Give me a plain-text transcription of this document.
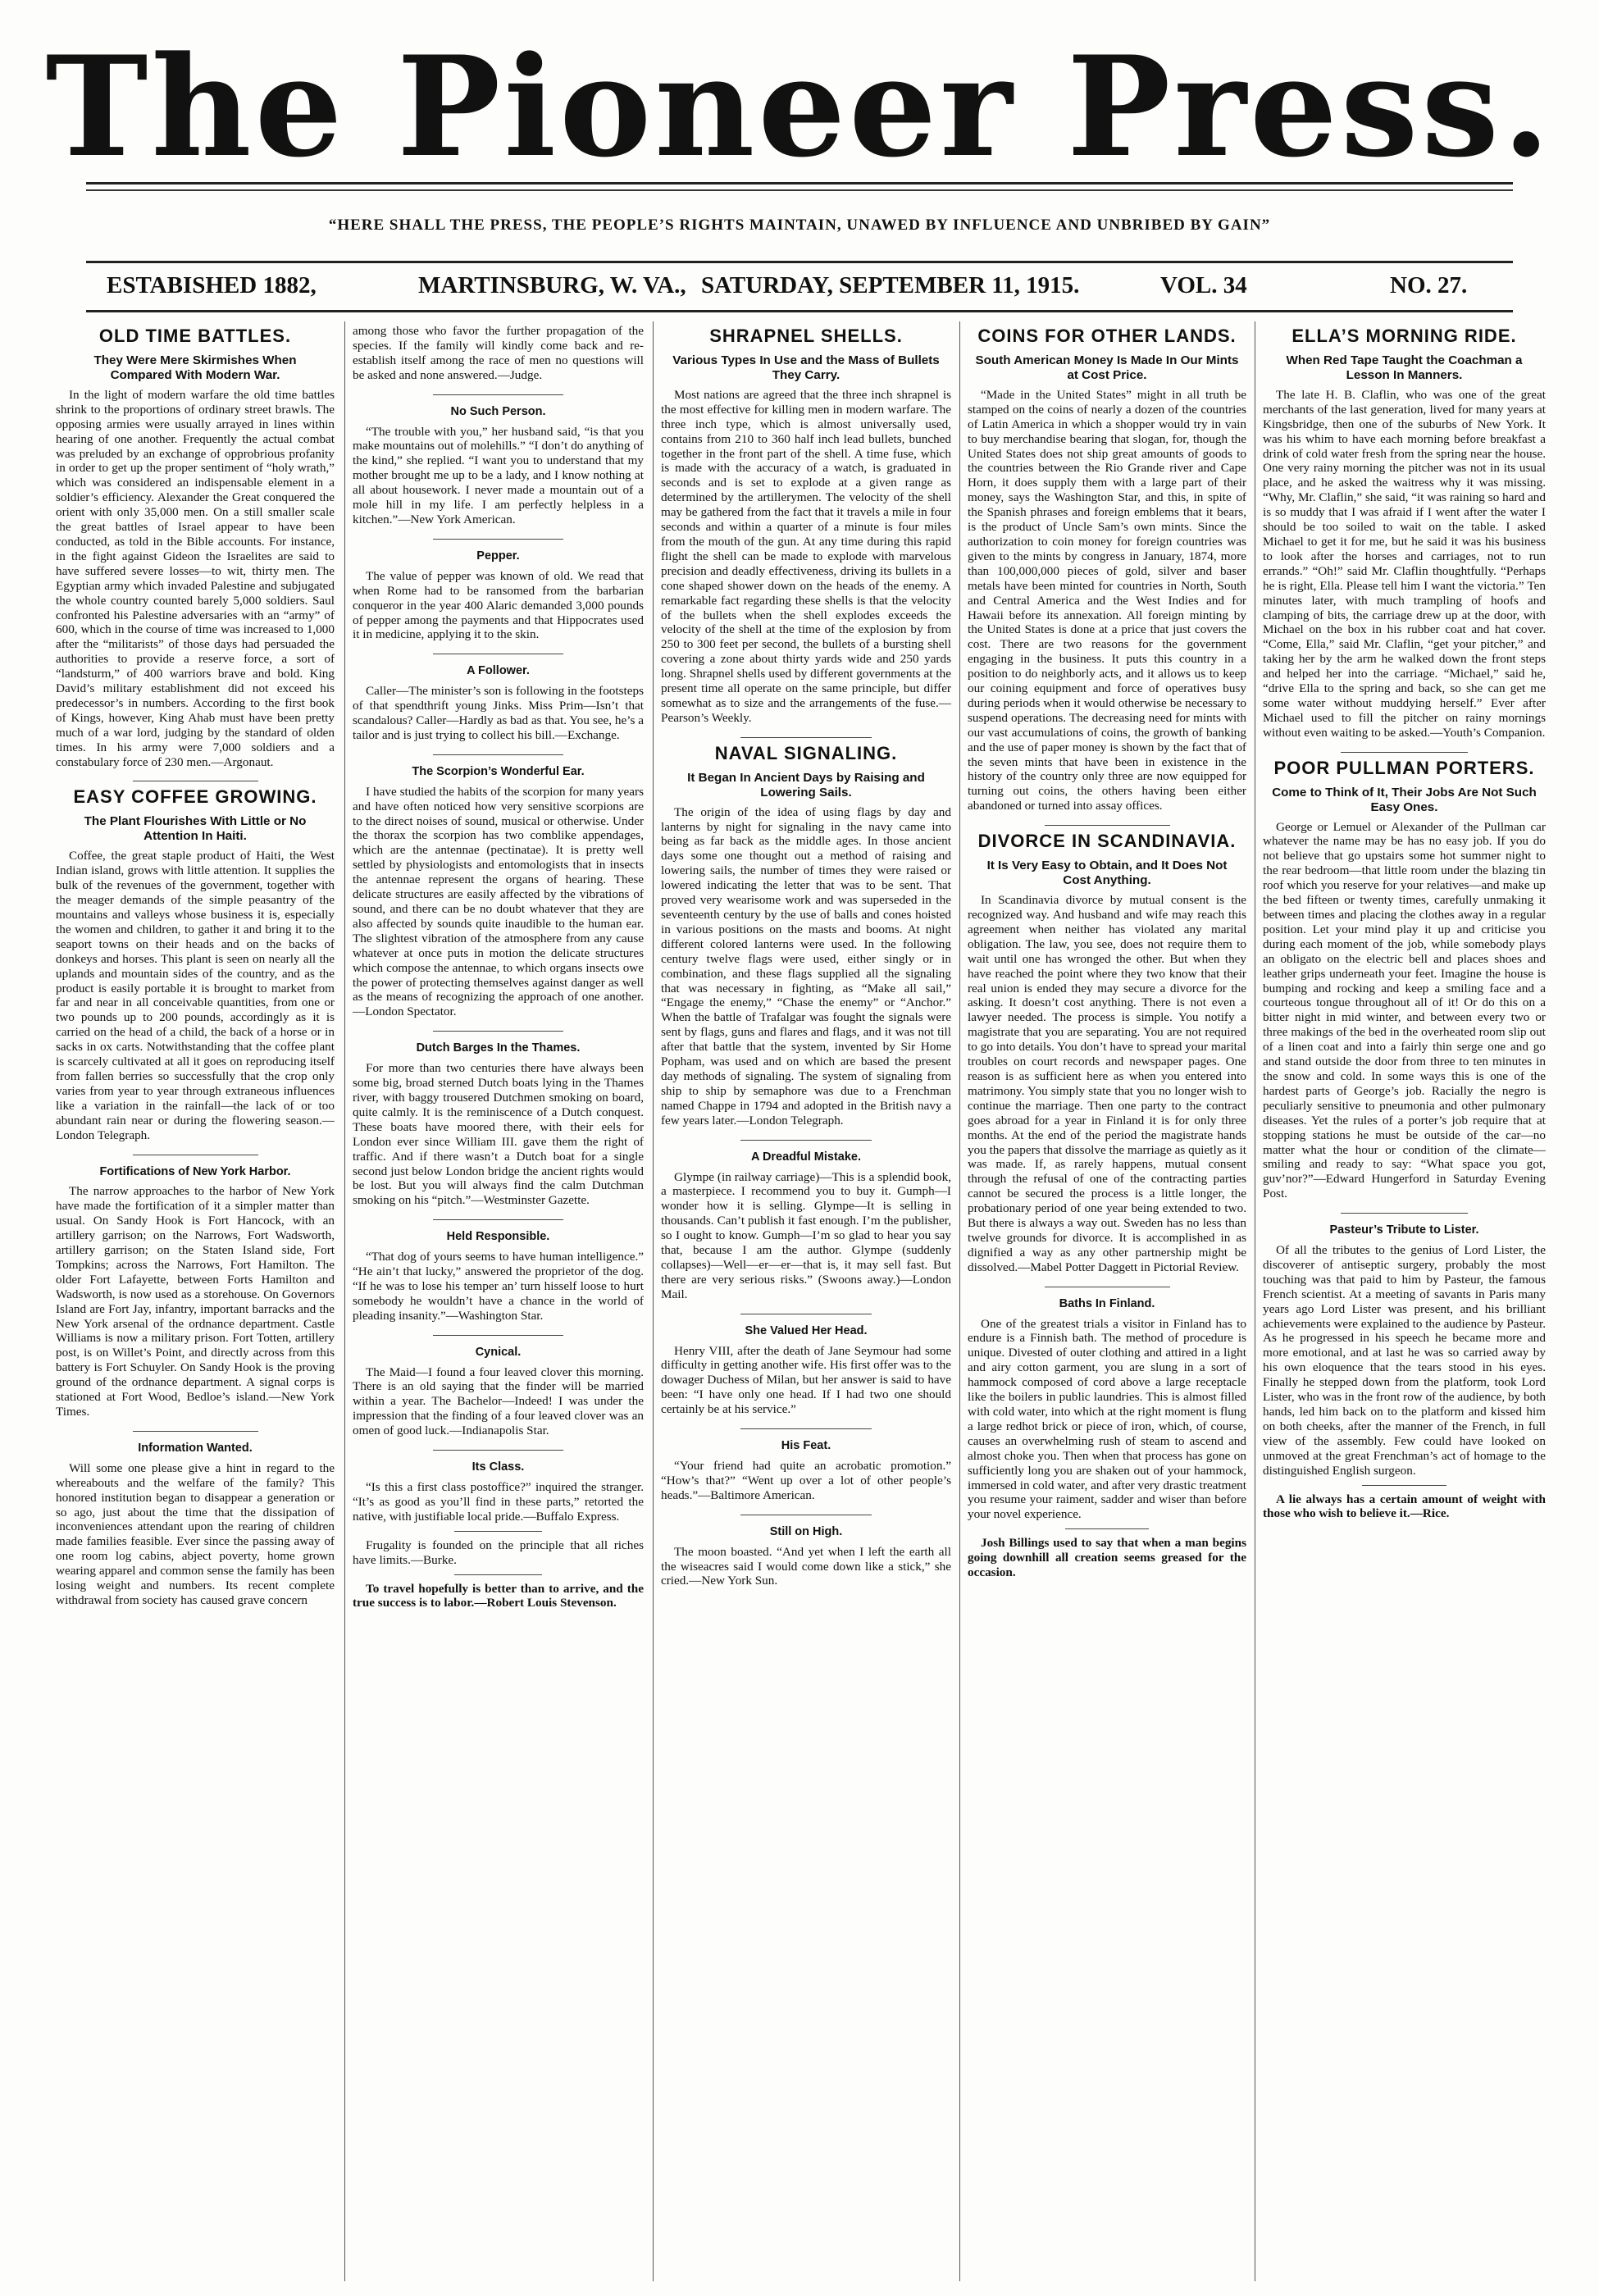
The Pioneer Press.
“HERE SHALL THE PRESS, THE PEOPLE’S RIGHTS MAINTAIN, UNAWED BY INFLUENCE AND UNBRIBED BY GAIN”
ESTABISHED 1882,	MARTINSBURG, W. VA., SATURDAY, SEPTEMBER 11, 1915.	VOL. 34	NO. 27.
OLD TIME BATTLES.
They Were Mere Skirmishes When Compared With Modern War.

In the light of modern warfare the old time battles shrink to the proportions of ordinary street brawls. The opposing armies were usually arrayed in lines within hearing of one another. Frequently the actual combat was preluded by an exchange of opprobrious profanity in order to get up the proper sentiment of “holy wrath,” which was considered an indispensable element in a soldier’s efficiency. Alexander the Great conquered the orient with only 35,000 men. On a still smaller scale the great battles of Israel appear to have been conducted, as told in the Bible accounts. For instance, in the fight against Gideon the Israelites are said to have suffered severe losses—to wit, thirty men. The Egyptian army which invaded Palestine and subjugated the whole country counted barely 5,000 soldiers. Saul confronted his Palestine adversaries with an “army” of 600, which in the course of time was increased to 1,000 after the “militarists” of those days had persuaded the authorities to provide a reserve force, a sort of “landsturm,” of 400 warriors brave and bold. King David’s military establishment did not exceed his predecessor’s in numbers. According to the first book of Kings, however, King Ahab must have been pretty much of a war lord, judging by the standard of olden times. In his army were 7,000 soldiers and a constabulary force of 230 men.—Argonaut.

EASY COFFEE GROWING.
The Plant Flourishes With Little or No Attention In Haiti.

Coffee, the great staple product of Haiti, the West Indian island, grows with little attention. It supplies the bulk of the revenues of the government, together with the meager demands of the simple peasantry of the mountains and valleys whose business it is, especially the women and children, to gather it and bring it to the seaport towns on their heads and on the backs of donkeys and horses. This plant is seen on nearly all the uplands and mountain sides of the country, and as the product is easily portable it is brought to market from far and near in all conceivable quantities, from one or two pounds up to 200 pounds, accordingly as it is carried on the head of a child, the back of a horse or in sacks in ox carts. Notwithstanding that the coffee plant is scarcely cultivated at all it goes on reproducing itself from fallen berries so successfully that the crop only varies from year to year through extraneous influences like a variation in the rainfall—the lack of or too abundant rain near or during the flowering season.—London Telegraph.

Fortifications of New York Harbor.

The narrow approaches to the harbor of New York have made the fortification of it a simpler matter than usual. On Sandy Hook is Fort Hancock, with an artillery garrison; on the Narrows, Fort Wadsworth, artillery garrison; on the Staten Island side, Fort Tompkins; across the Narrows, Fort Hamilton. The older Fort Lafayette, between Forts Hamilton and Wadsworth, is now used as a storehouse. On Governors Island are Fort Jay, infantry, important barracks and the New York arsenal of the ordnance department. Castle Williams is now a military prison. Fort Totten, artillery post, is on Willet’s Point, and directly across from this battery is Fort Schuyler. On Sandy Hook is the proving ground of the ordnance department. A signal corps is stationed at Fort Wood, Bedloe’s island.—New York Times.

Information Wanted.

Will some one please give a hint in regard to the whereabouts and the welfare of the family? This honored institution began to disappear a generation or so ago, just about the time that the dissipation of inconveniences attendant upon the rearing of children made families feasible. Ever since the passing away of one room log cabins, abject poverty, home grown wearing apparel and common sense the family has been losing weight and numbers. Its recent complete withdrawal from society has caused grave concern

among those who favor the further propagation of the species. If the family will kindly come back and re-establish itself among the race of men no questions will be asked and none answered.—Judge.

No Such Person.

“The trouble with you,” her husband said, “is that you make mountains out of molehills.” “I don’t do anything of the kind,” she replied. “I want you to understand that my mother brought me up to be a lady, and I know nothing at all about housework. I never made a mountain out of a mole hill in my life. I am perfectly helpless in a kitchen.”—New York American.

Pepper.

The value of pepper was known of old. We read that when Rome had to be ransomed from the barbarian conqueror in the year 400 Alaric demanded 3,000 pounds of pepper among the payments and that Hippocrates used it in medicine, applying it to the skin.

A Follower.

Caller—The minister’s son is following in the footsteps of that spendthrift young Jinks. Miss Prim—Isn’t that scandalous? Caller—Hardly as bad as that. You see, he’s a tailor and is just trying to collect his bill.—Exchange.

The Scorpion’s Wonderful Ear.

I have studied the habits of the scorpion for many years and have often noticed how very sensitive scorpions are to the direct noises of sound, musical or otherwise. Under the thorax the scorpion has two comblike appendages, which are the antennae (pectinatae). It is pretty well settled by physiologists and entomologists that in insects the antennae represent the organs of hearing. These delicate structures are easily affected by the vibrations of sound, and there can be no doubt whatever that they are also affected by sounds quite inaudible to the human ear. The slightest vibration of the atmosphere from any cause whatever at once puts in motion the delicate structures which compose the antennae, to which organs insects owe the power of protecting themselves against danger as well as the means of recognizing the approach of one another.—London Spectator.

Dutch Barges In the Thames.

For more than two centuries there have always been some big, broad sterned Dutch boats lying in the Thames river, with baggy trousered Dutchmen smoking on board, quite calmly. It is the reminiscence of a Dutch conquest. These boats have moored there, with their eels for London ever since William III. gave them the right of traffic. And if there wasn’t a Dutch boat for a single second just below London bridge the ancient rights would be lost. But you will always find the calm Dutchman smoking on his “pitch.”—Westminster Gazette.

Held Responsible.

“That dog of yours seems to have human intelligence.” “He ain’t that lucky,” answered the proprietor of the dog. “If he was to lose his temper an’ turn hisself loose to hurt somebody he wouldn’t have a chance in the world of pleading insanity.”—Washington Star.

Cynical.

The Maid—I found a four leaved clover this morning. There is an old saying that the finder will be married within a year. The Bachelor—Indeed! I was under the impression that the finding of a four leaved clover was an omen of good luck.—Indianapolis Star.

Its Class.

“Is this a first class postoffice?” inquired the stranger. “It’s as good as you’ll find in these parts,” retorted the native, with justifiable local pride.—Buffalo Express.

Frugality is founded on the principle that all riches have limits.—Burke.

To travel hopefully is better than to arrive, and the true success is to labor.—Robert Louis Stevenson.

SHRAPNEL SHELLS.
Various Types In Use and the Mass of Bullets They Carry.

Most nations are agreed that the three inch shrapnel is the most effective for killing men in modern warfare. The three inch type, which is almost universally used, contains from 210 to 360 half inch lead bullets, bunched together in the front part of the shell. A time fuse, which is made with the accuracy of a watch, is graduated in seconds and is set to explode at a given range as determined by the artillerymen. The velocity of the shell may be gathered from the fact that it travels a mile in four seconds and within a quarter of a minute is four miles from the mouth of the gun. At any time during this rapid flight the shell can be made to explode with marvelous precision and deadly effectiveness, driving its bullets in a cone shaped shower down on the heads of the enemy. A remarkable fact regarding these shells is that the velocity of the bullets when the shell explodes exceeds the velocity of the shell at the time of the explosion by from 250 to 300 feet per second, the bullets of a bursting shell covering a zone about thirty yards wide and 250 yards long. Shrapnel shells used by different governments at the present time all operate on the same principle, but differ somewhat as to size and the arrangements of the fuse.—Pearson’s Weekly.

NAVAL SIGNALING.
It Began In Ancient Days by Raising and Lowering Sails.

The origin of the idea of using flags by day and lanterns by night for signaling in the navy came into being as far back as the middle ages. In those ancient days some one thought out a method of raising and lowering sails, the number of times they were raised or lowered indicating the letter that was to be sent. That proved very wearisome work and was superseded in the seventeenth century by the use of balls and cones hoisted in various positions on the masts and booms. At night different colored lanterns were used. In the following century twelve flags were used, either singly or in combination, and these flags supplied all the signaling that was necessary in fighting, as “Make all sail,” “Engage the enemy,” “Chase the enemy” or “Anchor.” When the battle of Trafalgar was fought the signals were sent by flags, guns and flares and flags, and it was not till after that battle that the system, invented by Sir Home Popham, was used and on which are based the present day methods of signaling. The system of signaling from ship to ship by semaphore was due to a Frenchman named Chappe in 1794 and adopted in the British navy a few years later.—London Telegraph.

A Dreadful Mistake.

Glympe (in railway carriage)—This is a splendid book, a masterpiece. I recommend you to buy it. Gumph—I wonder how it is selling. Glympe—It is selling in thousands. Can’t publish it fast enough. I’m the publisher, so I ought to know. Gumph—I’m so glad to hear you say that, because I am the author. Glympe (suddenly collapses)—Well—er—er—that is, it may sell fast. But there are very serious risks.” (Swoons away.)—London Mail.

She Valued Her Head.

Henry VIII, after the death of Jane Seymour had some difficulty in getting another wife. His first offer was to the dowager Duchess of Milan, but her answer is said to have been: “I have only one head. If I had two one should certainly be at his service.”

His Feat.

“Your friend had quite an acrobatic promotion.” “How’s that?” “Went up over a lot of other people’s heads.”—Baltimore American.

Still on High.

The moon boasted. “And yet when I left the earth all the wiseacres said I would come down like a stick,” she cried.—New York Sun.

COINS FOR OTHER LANDS.
South American Money Is Made In Our Mints at Cost Price.

“Made in the United States” might in all truth be stamped on the coins of nearly a dozen of the countries of Latin America in which a shopper would try in vain to buy merchandise bearing that slogan, for, though the United States does not ship great amounts of goods to the countries between the Rio Grande river and Cape Horn, it does supply them with a large part of their money, says the Washington Star, and this, in spite of the Spanish phrases and foreign emblems that it bears, is the product of Uncle Sam’s own mints. Since the authorization to coin money for foreign countries was given to the mints by congress in January, 1874, more than 100,000,000 pieces of gold, silver and baser metals have been minted for countries in North, South and Central America and the West Indies and for Hawaii before its annexation. All foreign minting by the United States is done at a price that just covers the cost. There are two reasons for the government engaging in the business. It puts this country in a position to do neighborly acts, and it allows us to keep our coining equipment and force of operatives busy during periods when it would otherwise be necessary to suspend operations. The decreasing need for mints with our vast accumulations of coins, the growth of banking and the use of paper money is shown by the fact that of the seven mints that have been in existence in the history of the country only three are now equipped for turning out coins, the others having been either abandoned or turned into assay offices.

DIVORCE IN SCANDINAVIA.
It Is Very Easy to Obtain, and It Does Not Cost Anything.

In Scandinavia divorce by mutual consent is the recognized way. And husband and wife may reach this agreement when neither has violated any marital obligation. The law, you see, does not require them to wait until one has wronged the other. But when they have reached the point where they two know that their real union is ended they may secure a divorce for the asking. It doesn’t cost anything. There is not even a lawyer needed. The process is simple. You notify a magistrate that you are separating. You are not required to go into details. You don’t have to spread your marital troubles on court records and newspaper pages. One reason is as sufficient here as when you entered into matrimony. You simply state that you no longer wish to continue the marriage. Then one party to the contract goes abroad for a year in Finland it is for only three months. At the end of the period the magistrate hands you the papers that dissolve the marriage as quietly as it was made. If, as rarely happens, mutual consent through the refusal of one of the contracting parties cannot be secured the process is a little longer, the probationary period of one year being extended to two. But there is always a way out. Sweden has no less than twelve grounds for divorce. It is accomplished in as dignified a way as any other partnership might be dissolved.—Mabel Potter Daggett in Pictorial Review.

Baths In Finland.

One of the greatest trials a visitor in Finland has to endure is a Finnish bath. The method of procedure is unique. Divested of outer clothing and attired in a light and airy cotton garment, you are slung in a sort of hammock composed of cord above a large receptacle like the boilers in public laundries. This is almost filled with cold water, into which at the right moment is flung a large redhot brick or piece of iron, which, of course, causes an overwhelming rush of steam to ascend and almost choke you. Then when that process has gone on sufficiently long you are shaken out of your hammock, immersed in cold water, and after very drastic treatment you resume your raiment, sadder and wiser than before your novel experience.

Josh Billings used to say that when a man begins going downhill all creation seems greased for the occasion.

ELLA’S MORNING RIDE.
When Red Tape Taught the Coachman a Lesson In Manners.

The late H. B. Claflin, who was one of the great merchants of the last generation, lived for many years at Kingsbridge, then one of the suburbs of New York. It was his whim to have each morning before breakfast a drink of cold water fresh from the spring near the house. One very rainy morning the pitcher was not in its usual place, and he asked the waitress why it was missing. “Why, Mr. Claflin,” she said, “it was raining so hard and is so muddy that I was afraid if I went after the water I should be too soiled to wait on the table. I asked Michael to get it for me, but he said it was his business to look after the horses and carriages, not to run errands.” “Oh!” said Mr. Claflin thoughtfully. “Perhaps he is right, Ella. Please tell him I want the victoria.” Ten minutes later, with much trampling of hoofs and clamping of bits, the carriage drew up at the door, with Michael on the box in his rubber coat and hat cover. “Come, Ella,” said Mr. Claflin, “get your pitcher,” and taking her by the arm he walked down the front steps and helped her into the carriage. “Michael,” said he, “drive Ella to the spring and back, so she can get me some water without muddying herself.” Ever after Michael used to fill the pitcher on rainy mornings without even waiting to be asked.—Youth’s Companion.

POOR PULLMAN PORTERS.
Come to Think of It, Their Jobs Are Not Such Easy Ones.

George or Lemuel or Alexander of the Pullman car whatever the name may be has no easy job. If you do not believe that go upstairs some hot summer night to the rear bedroom—that little room under the blazing tin roof which you reserve for your relatives—and make up the bed fifteen or twenty times, carefully unmaking it between times and placing the clothes away in a regular position. Let your mind play it up and criticise you during each moment of the job, while somebody plays an obligato on the electric bell and places shoes and leather grips underneath your feet. Imagine the house is bumping and rocking and keep a smiling face and a courteous tongue throughout all of it! Or do this on a bitter night in mid winter, and between every two or three makings of the bed in the overheated room slip out of a linen coat and into a fairly thin serge one and go and stand outside the door from three to ten minutes in the snow and cold. In some ways this is one of the hardest parts of George’s job. Racially the negro is peculiarly sensitive to pneumonia and other pulmonary diseases. Yet the rules of a porter’s job require that at stopping stations he must be outside of the car—no matter what the hour or condition of the climate—smiling and ready to say: “What space you got, guv’nor?”—Edward Hungerford in Saturday Evening Post.

Pasteur’s Tribute to Lister.

Of all the tributes to the genius of Lord Lister, the discoverer of antiseptic surgery, probably the most touching was that paid to him by Pasteur, the famous French scientist. At a meeting of savants in Paris many years ago Lord Lister was present, and his brilliant achievements were explained to the audience by Pasteur. As he progressed in his speech he became more and more emotional, and at last he was so carried away by his own eloquence that the tears stood in his eyes. Finally he stepped down from the platform, took Lord Lister, who was in the front row of the audience, by both hands, led him back on to the platform and kissed him on both cheeks, after the manner of the French, in full view of the assembly. Few could have looked on unmoved at the great Frenchman’s act of homage to the distinguished English surgeon.

A lie always has a certain amount of weight with those who wish to believe it.—Rice.
